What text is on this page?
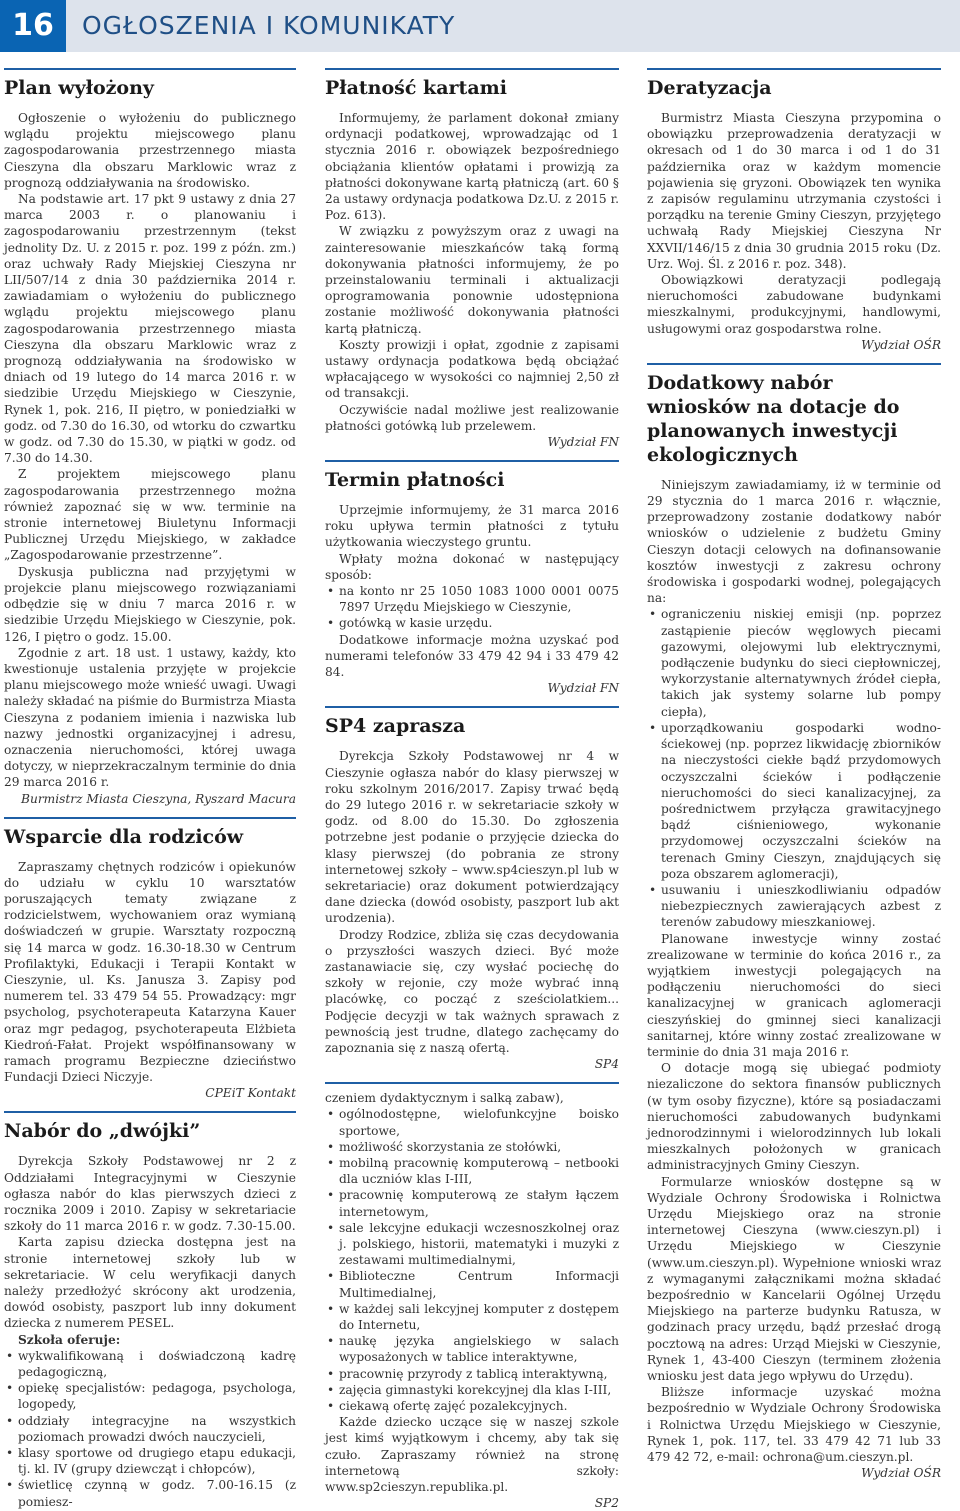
16	OGŁOSZENIA I KOMUNIKATY
Plan wyłożony

Ogłoszenie o wyłożeniu do publicznego wglądu projektu miejscowego planu zagospodarowania przestrzennego miasta Cieszyna dla obszaru Marklowic wraz z prognozą oddziaływania na środowisko.

Na podstawie art. 17 pkt 9 ustawy z dnia 27 marca 2003 r. o planowaniu i zagospodarowaniu przestrzennym (tekst jednolity Dz. U. z 2015 r. poz. 199 z późn. zm.) oraz uchwały Rady Miejskiej Cieszyna nr LII/507/14 z dnia 30 października 2014 r. zawiadamiam o wyłożeniu do publicznego wglądu projektu miejscowego planu zagospodarowania przestrzennego miasta Cieszyna dla obszaru Marklowic wraz z prognozą oddziaływania na środowisko w dniach od 19 lutego do 14 marca 2016 r. w siedzibie Urzędu Miejskiego w Cieszynie, Rynek 1, pok. 216, II piętro, w poniedziałki w godz. od 7.30 do 16.30, od wtorku do czwartku w godz. od 7.30 do 15.30, w piątki w godz. od 7.30 do 14.30.

Z projektem miejscowego planu zagospodarowania przestrzennego można również zapoznać się w ww. terminie na stronie internetowej Biuletynu Informacji Publicznej Urzędu Miejskiego, w zakładce „Zagospodarowanie przestrzenne”.

Dyskusja publiczna nad przyjętymi w projekcie planu miejscowego rozwiązaniami odbędzie się w dniu 7 marca 2016 r. w siedzibie Urzędu Miejskiego w Cieszynie, pok. 126, I piętro o godz. 15.00.

Zgodnie z art. 18 ust. 1 ustawy, każdy, kto kwestionuje ustalenia przyjęte w projekcie planu miejscowego może wnieść uwagi. Uwagi należy składać na piśmie do Burmistrza Miasta Cieszyna z podaniem imienia i nazwiska lub nazwy jednostki organizacyjnej i adresu, oznaczenia nieruchomości, której uwaga dotyczy, w nieprzekraczalnym terminie do dnia 29 marca 2016 r.

Burmistrz Miasta Cieszyna, Ryszard Macura
Wsparcie dla rodziców

Zapraszamy chętnych rodziców i opiekunów do udziału w cyklu 10 warsztatów poruszających tematy związane z rodzicielstwem, wychowaniem oraz wymianą doświadczeń w grupie. Warsztaty rozpoczną się 14 marca w godz. 16.30-18.30 w Centrum Profilaktyki, Edukacji i Terapii Kontakt w Cieszynie, ul. Ks. Janusza 3. Zapisy pod numerem tel. 33 479 54 55. Prowadzący: mgr psycholog, psychoterapeuta Katarzyna Kauer oraz mgr pedagog, psychoterapeuta Elżbieta Kiedroń-Fałat. Projekt współfinansowany w ramach programu Bezpieczne dzieciństwo Fundacji Dzieci Niczyje.

CPEiT Kontakt
Nabór do „dwójki”

Dyrekcja Szkoły Podstawowej nr 2 z Oddziałami Integracyjnymi w Cieszynie ogłasza nabór do klas pierwszych dzieci z rocznika 2009 i 2010. Zapisy w sekretariacie szkoły do 11 marca 2016 r. w godz. 7.30-15.00.

Karta zapisu dziecka dostępna jest na stronie internetowej szkoły lub w sekretariacie. W celu weryfikacji danych należy przedłożyć skrócony akt urodzenia, dowód osobisty, paszport lub inny dokument dziecka z numerem PESEL.

Szkoła oferuje:

• wykwalifikowaną i doświadczoną kadrę pedagogiczną,
• opiekę specjalistów: pedagoga, psychologa, logopedy,
• oddziały integracyjne na wszystkich poziomach prowadzi dwóch nauczycieli,
• klasy sportowe od drugiego etapu edukacji, tj. kl. IV (grupy dziewcząt i chłopców),
• świetlicę czynną w godz. 7.00-16.15 (z pomiesz-
Płatność kartami

Informujemy, że parlament dokonał zmiany ordynacji podatkowej, wprowadzając od 1 stycznia 2016 r. obowiązek bezpośredniego obciążania klientów opłatami i prowizją za płatności dokonywane kartą płatniczą (art. 60 § 2a ustawy ordynacja podatkowa Dz.U. z 2015 r. Poz. 613).

W związku z powyższym oraz z uwagi na zainteresowanie mieszkańców taką formą dokonywania płatności informujemy, że po przeinstalowaniu terminali i aktualizacji oprogramowania ponownie udostępniona zostanie możliwość dokonywania płatności kartą płatniczą.

Koszty prowizji i opłat, zgodnie z zapisami ustawy ordynacja podatkowa będą obciążać wpłacającego w wysokości co najmniej 2,50 zł od transakcji.

Oczywiście nadal możliwe jest realizowanie płatności gotówką lub przelewem.

Wydział FN
Termin płatności

Uprzejmie informujemy, że 31 marca 2016 roku upływa termin płatności z tytułu użytkowania wieczystego gruntu.

Wpłaty można dokonać w następujący sposób:

• na konto nr 25 1050 1083 1000 0001 0075 7897 Urzędu Miejskiego w Cieszynie,
• gotówką w kasie urzędu.

Dodatkowe informacje można uzyskać pod numerami telefonów 33 479 42 94 i 33 479 42 84.

Wydział FN
SP4 zaprasza

Dyrekcja Szkoły Podstawowej nr 4 w Cieszynie ogłasza nabór do klasy pierwszej w roku szkolnym 2016/2017. Zapisy trwać będą do 29 lutego 2016 r. w sekretariacie szkoły w godz. od 8.00 do 15.30. Do zgłoszenia potrzebne jest podanie o przyjęcie dziecka do klasy pierwszej (do pobrania ze strony internetowej szkoły – www.sp4cieszyn.pl lub w sekretariacie) oraz dokument potwierdzający dane dziecka (dowód osobisty, paszport lub akt urodzenia).

Drodzy Rodzice, zbliża się czas decydowania o przyszłości waszych dzieci. Być może zastanawiacie się, czy wysłać pociechę do szkoły w rejonie, czy może wybrać inną placówkę, co począć z sześciolatkiem... Podjęcie decyzji w tak ważnych sprawach z pewnością jest trudne, dlatego zachęcamy do zapoznania się z naszą ofertą.

SP4

czeniem dydaktycznym i salką zabaw),

• ogólnodostępne, wielofunkcyjne boisko sportowe,
• możliwość skorzystania ze stołówki,
• mobilną pracownię komputerową – netbooki dla uczniów klas I-III,
• pracownię komputerową ze stałym łączem internetowym,
• sale lekcyjne edukacji wczesnoszkolnej oraz j. polskiego, historii, matematyki i muzyki z zestawami multimedialnymi,
• Biblioteczne Centrum Informacji Multimedialnej,
• w każdej sali lekcyjnej komputer z dostępem do Internetu,
• naukę języka angielskiego w salach wyposażonych w tablice interaktywne,
• pracownię przyrody z tablicą interaktywną,
• zajęcia gimnastyki korekcyjnej dla klas I-III,
• ciekawą ofertę zajęć pozalekcyjnych.

Każde dziecko uczące się w naszej szkole jest kimś wyjątkowym i chcemy, aby tak się czuło. Zapraszamy również na stronę internetową szkoły: www.sp2cieszyn.republika.pl.

SP2
Deratyzacja

Burmistrz Miasta Cieszyna przypomina o obowiązku przeprowadzenia deratyzacji w okresach od 1 do 30 marca i od 1 do 31 października oraz w każdym momencie pojawienia się gryzoni. Obowiązek ten wynika z zapisów regulaminu utrzymania czystości i porządku na terenie Gminy Cieszyn, przyjętego uchwałą Rady Miejskiej Cieszyna Nr XXVII/146/15 z dnia 30 grudnia 2015 roku (Dz. Urz. Woj. Śl. z 2016 r. poz. 348).

Obowiązkowi deratyzacji podlegają nieruchomości zabudowane budynkami mieszkalnymi, produkcyjnymi, handlowymi, usługowymi oraz gospodarstwa rolne.

Wydział OŚR
Dodatkowy nabór wniosków na dotacje do planowanych inwestycji ekologicznych

Niniejszym zawiadamiamy, iż w terminie od 29 stycznia do 1 marca 2016 r. włącznie, przeprowadzony zostanie dodatkowy nabór wniosków o udzielenie z budżetu Gminy Cieszyn dotacji celowych na dofinansowanie kosztów inwestycji z zakresu ochrony środowiska i gospodarki wodnej, polegających na:

• ograniczeniu niskiej emisji (np. poprzez zastąpienie pieców węglowych piecami gazowymi, olejowymi lub elektrycznymi, podłączenie budynku do sieci ciepłowniczej, wykorzystanie alternatywnych źródeł ciepła, takich jak systemy solarne lub pompy ciepła),
• uporządkowaniu gospodarki wodno-ściekowej (np. poprzez likwidację zbiorników na nieczystości ciekłe bądź przydomowych oczyszczalni ścieków i podłączenie nieruchomości do sieci kanalizacyjnej, za pośrednictwem przyłącza grawitacyjnego bądź ciśnieniowego, wykonanie przydomowej oczyszczalni ścieków na terenach Gminy Cieszyn, znajdujących się poza obszarem aglomeracji),
• usuwaniu i unieszkodliwianiu odpadów niebezpiecznych zawierających azbest z terenów zabudowy mieszkaniowej.

Planowane inwestycje winny zostać zrealizowane w terminie do końca 2016 r., za wyjątkiem inwestycji polegających na podłączeniu nieruchomości do sieci kanalizacyjnej w granicach aglomeracji cieszyńskiej do gminnej sieci kanalizacji sanitarnej, które winny zostać zrealizowane w terminie do dnia 31 maja 2016 r.

O dotacje mogą się ubiegać podmioty niezaliczone do sektora finansów publicznych (w tym osoby fizyczne), które są posiadaczami nieruchomości zabudowanych budynkami jednorodzinnymi i wielorodzinnych lub lokali mieszkalnych położonych w granicach administracyjnych Gminy Cieszyn.

Formularze wniosków dostępne są w Wydziale Ochrony Środowiska i Rolnictwa Urzędu Miejskiego oraz na stronie internetowej Cieszyna (www.cieszyn.pl) i Urzędu Miejskiego w Cieszynie (www.um.cieszyn.pl). Wypełnione wnioski wraz z wymaganymi załącznikami można składać bezpośrednio w Kancelarii Ogólnej Urzędu Miejskiego na parterze budynku Ratusza, w godzinach pracy urzędu, bądź przesłać drogą pocztową na adres: Urząd Miejski w Cieszynie, Rynek 1, 43-400 Cieszyn (terminem złożenia wniosku jest data jego wpływu do Urzędu).

Bliższe informacje uzyskać można bezpośrednio w Wydziale Ochrony Środowiska i Rolnictwa Urzędu Miejskiego w Cieszynie, Rynek 1, pok. 117, tel. 33 479 42 71 lub 33 479 42 72, e-mail: ochrona@um.cieszyn.pl.

Wydział OŚR
